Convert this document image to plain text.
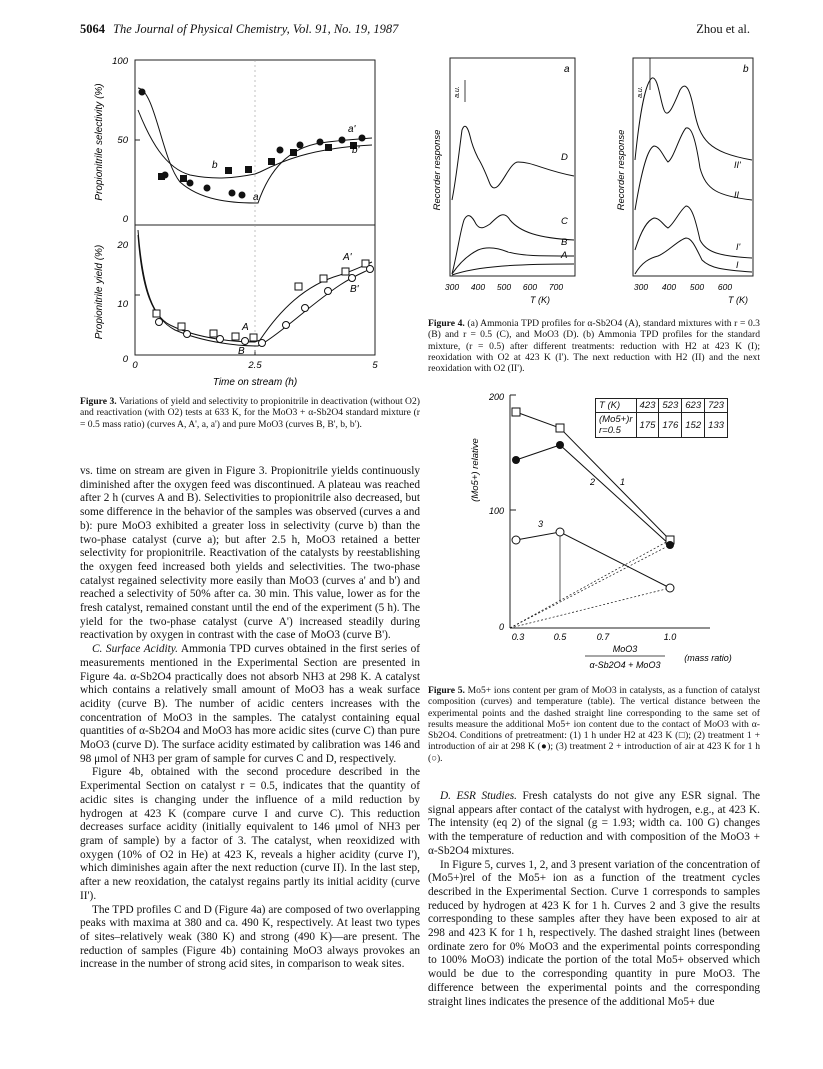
5064 The Journal of Physical Chemistry, Vol. 91, No. 19, 1987	Zhou et al.
100
50
0
20
10
0
0	2.5	5
Time on stream (h)
Propionitrile selectivity (%)
Propionitrile yield (%)
a'
b'
b
a
A'
B'
A
B
Figure 3. Variations of yield and selectivity to propionitrile in deactivation (without O2) and reactivation (with O2) tests at 633 K, for the MoO3 + α-Sb2O4 standard mixture (r = 0.5 mass ratio) (curves A, A', a, a') and pure MoO3 (curves B, B', b, b').

vs. time on stream are given in Figure 3. Propionitrile yields continuously diminished after the oxygen feed was discontinued. A plateau was reached after 2 h (curves A and B). Selectivities to propionitrile also decreased, but some difference in the behavior of the samples was observed (curves a and b): pure MoO3 exhibited a greater loss in selectivity (curve b) than the two-phase catalyst (curve a); but after 2.5 h, MoO3 retained a better selectivity for propionitrile. Reactivation of the catalysts by reestablishing the oxygen feed increased both yields and selectivities. The two-phase catalyst regained selectivity more easily than MoO3 (curves a' and b') and reached a selectivity of 50% after ca. 30 min. This value, lower as for the fresh catalyst, remained constant until the end of the experiment (5 h). The yield for the two-phase catalyst (curve A') increased steadily during reactivation by oxygen in contrast with the case of MoO3 (curve B').

C. Surface Acidity. Ammonia TPD curves obtained in the first series of measurements mentioned in the Experimental Section are presented in Figure 4a. α-Sb2O4 practically does not absorb NH3 at 298 K. A catalyst which contains a relatively small amount of MoO3 has a weak surface acidity (curve B). The number of acidic centers increases with the concentration of MoO3 in the samples. The catalyst containing equal quantities of α-Sb2O4 and MoO3 has more acidic sites (curve C) than pure MoO3 (curve D). The surface acidity estimated by calibration was 146 and 98 μmol of NH3 per gram of sample for curves C and D, respectively.

Figure 4b, obtained with the second procedure described in the Experimental Section on catalyst r = 0.5, indicates that the quantity of acidic sites is changing under the influence of a mild reduction by hydrogen at 423 K (compare curve I and curve C). This reduction decreases surface acidity (initially equivalent to 146 μmol of NH3 per gram of sample) by a factor of 3. The catalyst, when reoxidized with oxygen (10% of O2 in He) at 423 K, reveals a higher acidity (curve I'), which diminishes again after the next reduction (curve II). In the last step, after a new reoxidation, the catalyst regains partly its initial acidity (curve II').

The TPD profiles C and D (Figure 4a) are composed of two overlapping peaks with maxima at 380 and ca. 490 K, respectively. At least two types of sites–relatively weak (380 K) and strong (490 K)—are present. The reduction of samples (Figure 4b) containing MoO3 always provokes an increase in the number of strong acid sites, in comparison to weak sites.

Recorder response
a.u.
a
D
C
B
A
300 400 500 600 700
T (K)
Recorder response
a.u.
b
II'
II
I'
I
300 400 500 600
T (K)
Figure 4. (a) Ammonia TPD profiles for α-Sb2O4 (A), standard mixtures with r = 0.3 (B) and r = 0.5 (C), and MoO3 (D). (b) Ammonia TPD profiles for the standard mixture, (r = 0.5) after different treatments: reduction with H2 at 423 K (I); reoxidation with O2 at 423 K (I'). The next reduction with H2 (II) and the next reoxidation with O2 (II').
200
100
0
(Mo5+) relative
0.3	0.5	0.7	1.0
1
2
3
MoO3
α-Sb2O4 + MoO3
(mass ratio)
T (K)	423	523	623	723
(Mo5+)r
r=0.5	175	176	152	133
Figure 5. Mo5+ ions content per gram of MoO3 in catalysts, as a function of catalyst composition (curves) and temperature (table). The vertical distance between the experimental points and the dashed straight line corresponding to the same set of results measure the additional Mo5+ ion content due to the contact of MoO3 with α-Sb2O4. Conditions of pretreatment: (1) 1 h under H2 at 423 K (□); (2) treatment 1 + introduction of air at 298 K (●); (3) treatment 2 + introduction of air at 423 K for 1 h (○).

D. ESR Studies. Fresh catalysts do not give any ESR signal. The signal appears after contact of the catalyst with hydrogen, e.g., at 423 K. The intensity (eq 2) of the signal (g = 1.93; width ca. 100 G) changes with the temperature of reduction and with composition of the MoO3 + α-Sb2O4 mixtures.

In Figure 5, curves 1, 2, and 3 present variation of the concentration of (Mo5+)rel of the Mo5+ ion as a function of the treatment cycles described in the Experimental Section. Curve 1 corresponds to samples reduced by hydrogen at 423 K for 1 h. Curves 2 and 3 give the results corresponding to these samples after they have been exposed to air at 298 and 423 K for 1 h, respectively. The dashed straight lines (between ordinate zero for 0% MoO3 and the experimental points corresponding to 100% MoO3) indicate the portion of the total Mo5+ observed which would be due to the corresponding quantity in pure MoO3. The difference between the experimental points and the corresponding straight lines indicates the presence of the additional Mo5+ due
